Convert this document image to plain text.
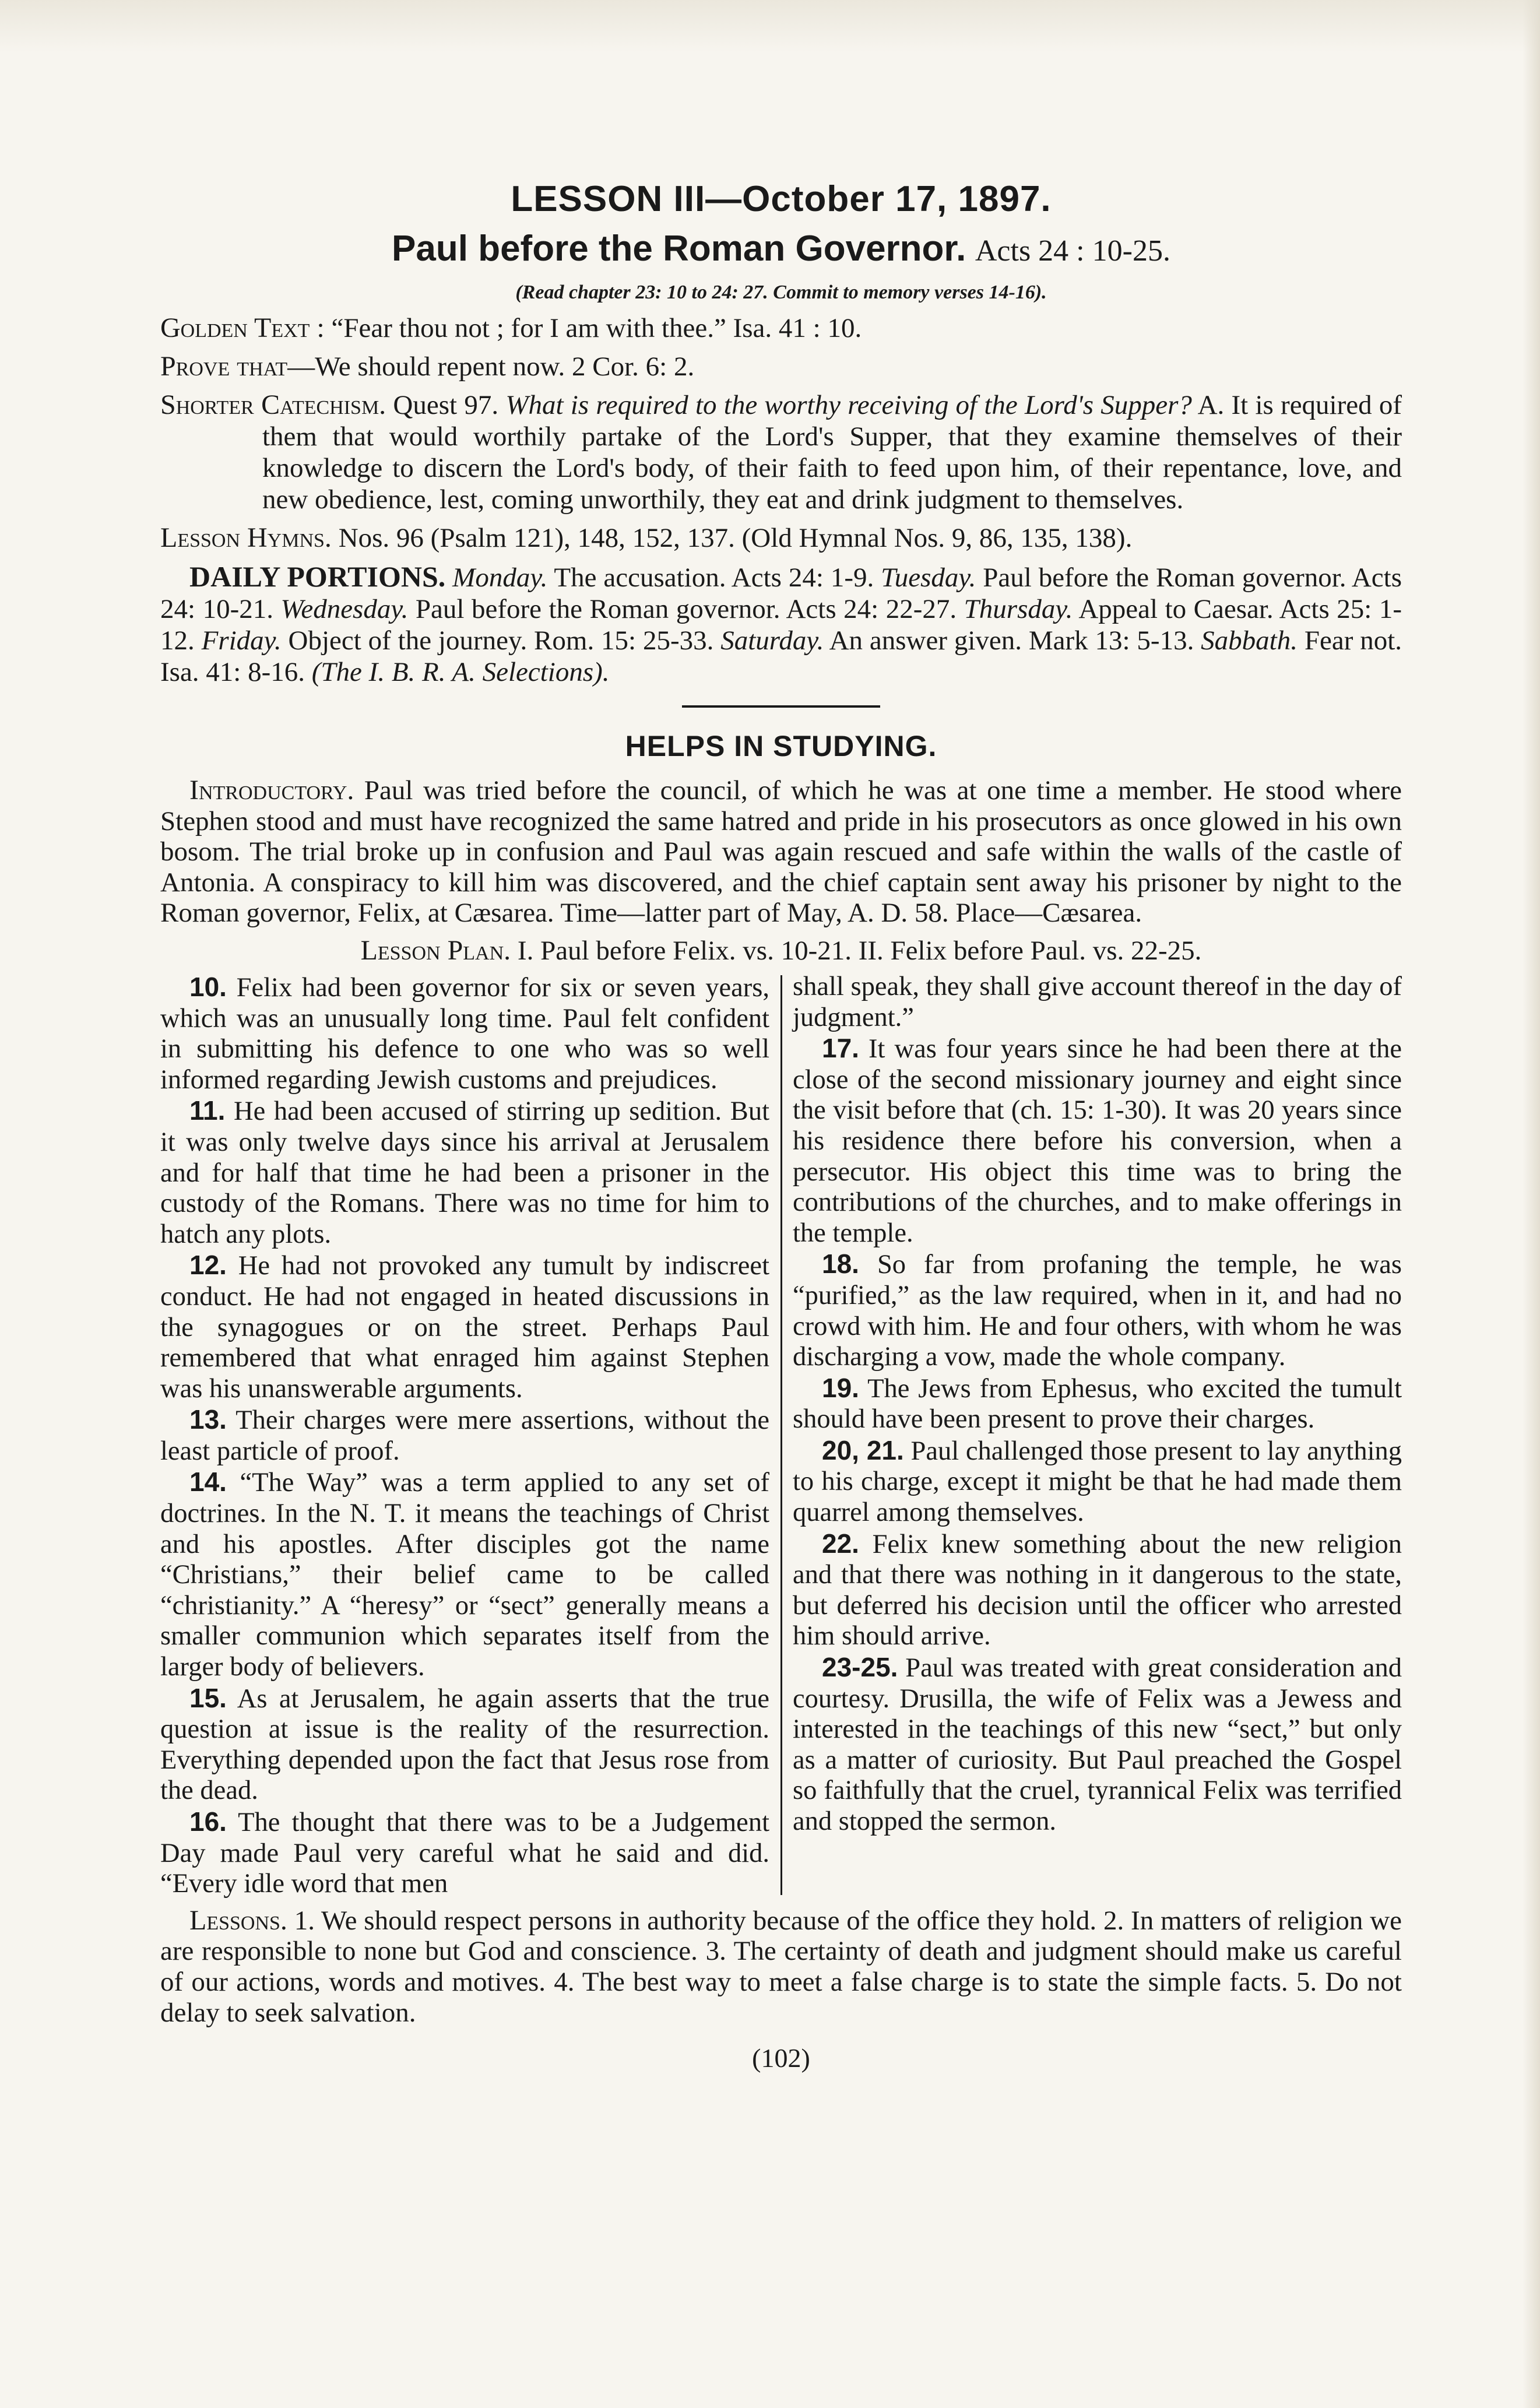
LESSON III—October 17, 1897.

Paul before the Roman Governor. Acts 24 : 10-25.

(Read chapter 23: 10 to 24: 27. Commit to memory verses 14-16).

Golden Text : “Fear thou not ; for I am with thee.” Isa. 41 : 10.

Prove that—We should repent now. 2 Cor. 6: 2.

Shorter Catechism. Quest 97. What is required to the worthy receiving of the Lord's Supper? A. It is required of them that would worthily partake of the Lord's Supper, that they examine themselves of their knowledge to discern the Lord's body, of their faith to feed upon him, of their repentance, love, and new obedience, lest, coming unworthily, they eat and drink judgment to themselves.

Lesson Hymns. Nos. 96 (Psalm 121), 148, 152, 137. (Old Hymnal Nos. 9, 86, 135, 138).

DAILY PORTIONS. Monday. The accusation. Acts 24: 1-9. Tuesday. Paul before the Roman governor. Acts 24: 10-21. Wednesday. Paul before the Roman governor. Acts 24: 22-27. Thursday. Appeal to Caesar. Acts 25: 1-12. Friday. Object of the journey. Rom. 15: 25-33. Saturday. An answer given. Mark 13: 5-13. Sabbath. Fear not. Isa. 41: 8-16. (The I. B. R. A. Selections).

HELPS IN STUDYING.

Introductory. Paul was tried before the council, of which he was at one time a member. He stood where Stephen stood and must have recognized the same hatred and pride in his prosecutors as once glowed in his own bosom. The trial broke up in confusion and Paul was again rescued and safe within the walls of the castle of Antonia. A conspiracy to kill him was discovered, and the chief captain sent away his prisoner by night to the Roman governor, Felix, at Cæsarea. Time—latter part of May, A. D. 58. Place—Cæsarea.

Lesson Plan. I. Paul before Felix. vs. 10-21. II. Felix before Paul. vs. 22-25.

10. Felix had been governor for six or seven years, which was an unusually long time. Paul felt confident in submitting his defence to one who was so well informed regarding Jewish customs and prejudices.

11. He had been accused of stirring up sedition. But it was only twelve days since his arrival at Jerusalem and for half that time he had been a prisoner in the custody of the Romans. There was no time for him to hatch any plots.

12. He had not provoked any tumult by indiscreet conduct. He had not engaged in heated discussions in the synagogues or on the street. Perhaps Paul remembered that what enraged him against Stephen was his unanswerable arguments.

13. Their charges were mere assertions, without the least particle of proof.

14. “The Way” was a term applied to any set of doctrines. In the N. T. it means the teachings of Christ and his apostles. After disciples got the name “Christians,” their belief came to be called “christianity.” A “heresy” or “sect” generally means a smaller communion which separates itself from the larger body of believers.

15. As at Jerusalem, he again asserts that the true question at issue is the reality of the resurrection. Everything depended upon the fact that Jesus rose from the dead.

16. The thought that there was to be a Judgement Day made Paul very careful what he said and did. “Every idle word that men

shall speak, they shall give account thereof in the day of judgment.”

17. It was four years since he had been there at the close of the second missionary journey and eight since the visit before that (ch. 15: 1-30). It was 20 years since his residence there before his conversion, when a persecutor. His object this time was to bring the contributions of the churches, and to make offerings in the temple.

18. So far from profaning the temple, he was “purified,” as the law required, when in it, and had no crowd with him. He and four others, with whom he was discharging a vow, made the whole company.

19. The Jews from Ephesus, who excited the tumult should have been present to prove their charges.

20, 21. Paul challenged those present to lay anything to his charge, except it might be that he had made them quarrel among themselves.

22. Felix knew something about the new religion and that there was nothing in it dangerous to the state, but deferred his decision until the officer who arrested him should arrive.

23-25. Paul was treated with great consideration and courtesy. Drusilla, the wife of Felix was a Jewess and interested in the teachings of this new “sect,” but only as a matter of curiosity. But Paul preached the Gospel so faithfully that the cruel, tyrannical Felix was terrified and stopped the sermon.

Lessons. 1. We should respect persons in authority because of the office they hold. 2. In matters of religion we are responsible to none but God and conscience. 3. The certainty of death and judgment should make us careful of our actions, words and motives. 4. The best way to meet a false charge is to state the simple facts. 5. Do not delay to seek salvation.

(102)
